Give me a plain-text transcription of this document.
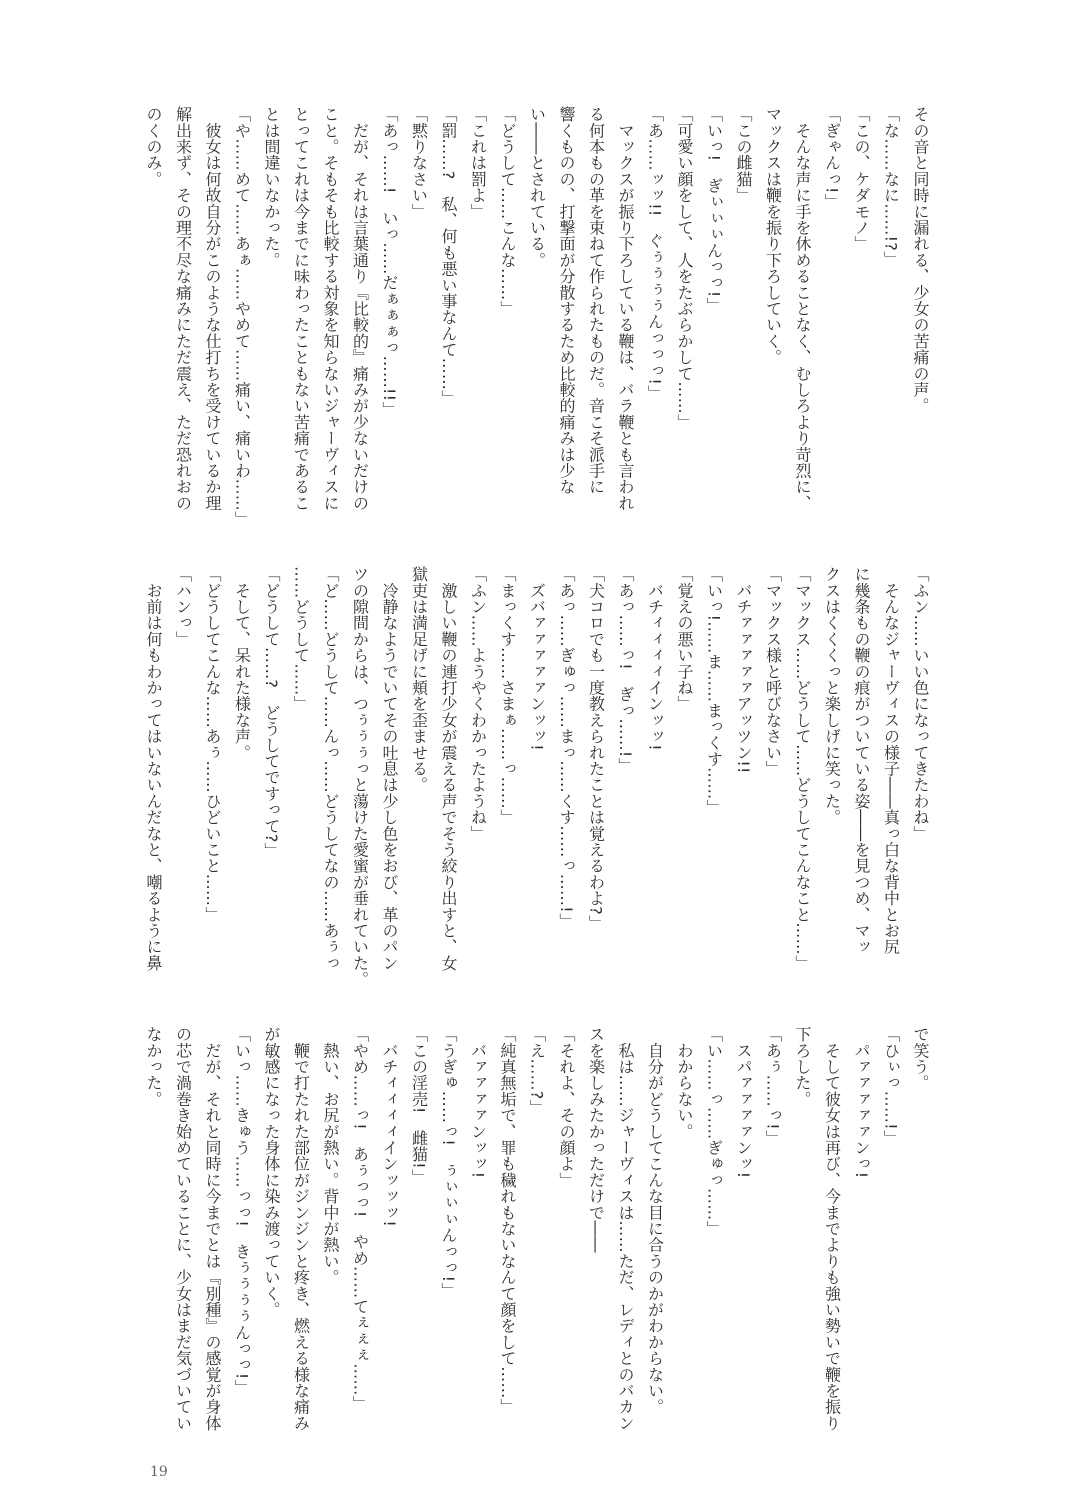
その音と同時に漏れる、少女の苦痛の声。
「な……なに……!?」
「この、ケダモノ」
「ぎゃんっ!」
　そんな声に手を休めることなく、むしろより苛烈に、
マックスは鞭を振り下ろしていく。
「この雌猫」
「いっ!　ぎぃぃぃんっっ!」
「可愛い顔をして、人をたぶらかして……」
「あ……ッッ!!　ぐぅぅぅぅんっっっ!」
　マックスが振り下ろしている鞭は、バラ鞭とも言われ
る何本もの革を束ねて作られたものだ。音こそ派手に
響くものの、打撃面が分散するため比較的痛みは少な
い――とされている。
「どうして……こんな……」
「これは罰よ」
「罰……?　私、何も悪い事なんて……」
「黙りなさい」
「あっ……!　いっ……だぁぁぁっ……!!」
　だが、それは言葉通り『比較的』痛みが少ないだけの
こと。そもそも比較する対象を知らないジャーヴィスに
とってこれは今までに味わったこともない苦痛であるこ
とは間違いなかった。
「や……めて……あぁ……やめて……痛い、痛いわ……」
　彼女は何故自分がこのような仕打ちを受けているか理
解出来ず、その理不尽な痛みにただ震え、ただ恐れおの
のくのみ。
「ふン……いい色になってきたわね」
　そんなジャーヴィスの様子――真っ白な背中とお尻
に幾条もの鞭の痕がついている姿――を見つめ、マッ
クスはくくくっと楽しげに笑った。
「マックス……どうして……どうしてこんなこと……」
「マックス様と呼びなさい」
　バチァァァァァアッツン!!
「いっ!……ま……まっくす……」
「覚えの悪い子ね」
　バチィィィィインッッ!
「あっ……っ!　ぎっ……!」
「犬コロでも一度教えられたことは覚えるわよ?」
「あっ……ぎゅっ……まっ……くす……っ……!」
　ズバァァァァァンッッ!
「まっくす……さまぁ……っ……」
「ふン……ようやくわかったようね」
　激しい鞭の連打少女が震える声でそう絞り出すと、女
獄吏は満足げに頬を歪ませる。
　冷静なようでいてその吐息は少し色をおび、革のパン
ツの隙間からは、つぅぅぅっと蕩けた愛蜜が垂れていた。
「ど……どうして……んっ……どうしてなの……あぅっ
……どうして……」
「どうして……?　どうしてですって?」
　そして、呆れた様な声。
「どうしてこんな……あぅ……ひどいこと……」
「ハンっ」
　お前は何もわかってはいないんだなと、嘲るように鼻
で笑う。
「ひぃっ……!」
　パァァァァァンっ!
　そして彼女は再び、今までよりも強い勢いで鞭を振り
下ろした。
「あぅ……っ!」
　スパァァァァンッ!
「い……っ……ぎゅっ……」
　わからない。
　自分がどうしてこんな目に合うのかがわからない。
　私は……ジャーヴィスは……ただ、レディとのバカン
スを楽しみたかっただけで――
「それよ、その顔よ」
「え……?」
「純真無垢で、罪も穢れもないなんて顔をして……」
　バァァァァンッッ!
「うぎゅ……っ!　ぅぃぃぃんっっ!」
「この淫売!　雌猫!」
　バチィィィィインッッッ!
「やめ……っ!　あぅっっ!　やめ……てぇぇぇ……」
　熱い、お尻が熱い。背中が熱い。
　鞭で打たれた部位がジンジンと疼き、燃える様な痛み
が敏感になった身体に染み渡っていく。
「いっ……きゅう……っっ!　きぅぅぅぅんっっ!」
　だが、それと同時に今までとは『別種』の感覚が身体
の芯で渦巻き始めていることに、少女はまだ気づいてい
なかった。
19
